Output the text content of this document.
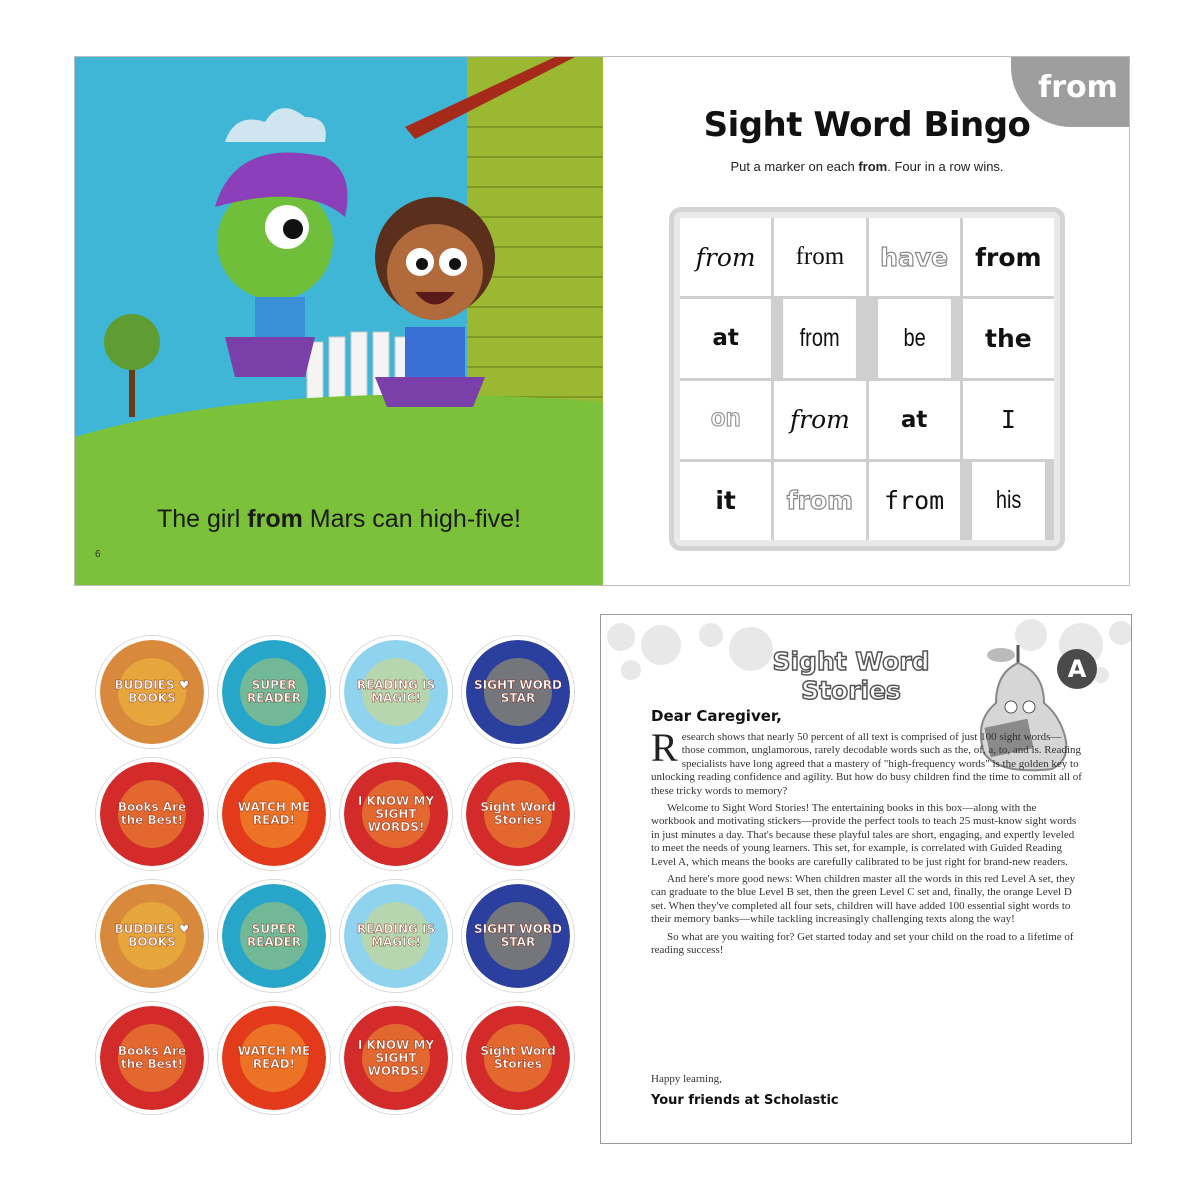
The girl from Mars can high-five!
6
from
Sight Word Bingo
Put a marker on each from. Four in a row wins.
from	from	have	from
at	from	be	the
on	from	at	I
it	from	from	his
BUDDIES ♥ BOOKS
SUPER READER
READING IS MAGIC!
SIGHT WORD STAR
Books Are the Best!
WATCH ME READ!
I KNOW MY SIGHT WORDS!
Sight Word Stories
BUDDIES ♥ BOOKS
SUPER READER
READING IS MAGIC!
SIGHT WORD STAR
Books Are the Best!
WATCH ME READ!
I KNOW MY SIGHT WORDS!
Sight Word Stories
Sight Word
Stories
A
Dear Caregiver,

Research shows that nearly 50 percent of all text is comprised of just 100 sight words—those common, unglamorous, rarely decodable words such as the, of, a, to, and is. Reading specialists have long agreed that a mastery of "high-frequency words" is the golden key to unlocking reading confidence and agility. But how do busy children find the time to commit all of these tricky words to memory?

Welcome to Sight Word Stories! The entertaining books in this box—along with the workbook and motivating stickers—provide the perfect tools to teach 25 must-know sight words in just minutes a day. That's because these playful tales are short, engaging, and expertly leveled to meet the needs of young learners. This set, for example, is correlated with Guided Reading Level A, which means the books are carefully calibrated to be just right for brand-new readers.

And here's more good news: When children master all the words in this red Level A set, they can graduate to the blue Level B set, then the green Level C set and, finally, the orange Level D set. When they've completed all four sets, children will have added 100 essential sight words to their memory banks—while tackling increasingly challenging texts along the way!

So what are you waiting for? Get started today and set your child on the road to a lifetime of reading success!

Happy learning,
Your friends at Scholastic
